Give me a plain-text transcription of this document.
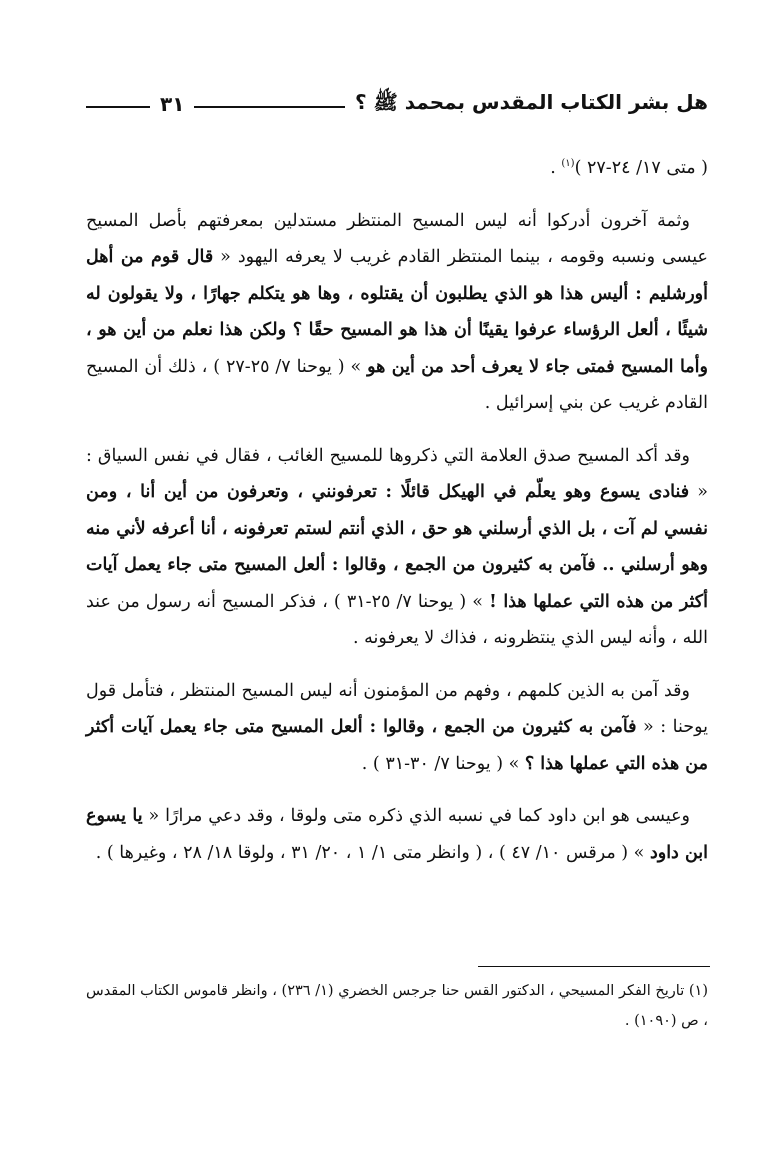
هل بشر الكتاب المقدس بمحمد ﷺ ؟
٣١

( متى ١٧/ ٢٤-٢٧ )$^{(١)}$ .

وثمة آخرون أدركوا أنه ليس المسيح المنتظر مستدلين بمعرفتهم بأصل المسيح عيسى ونسبه وقومه ، بينما المنتظر القادم غريب لا يعرفه اليهود « قال قوم من أهل أورشليم : أليس هذا هو الذي يطلبون أن يقتلوه ، وها هو يتكلم جهارًا ، ولا يقولون له شيئًا ، ألعل الرؤساء عرفوا يقينًا أن هذا هو المسيح حقًا ؟ ولكن هذا نعلم من أين هو ، وأما المسيح فمتى جاء لا يعرف أحد من أين هو » ( يوحنا ٧/ ٢٥-٢٧ ) ، ذلك أن المسيح القادم غريب عن بني إسرائيل .

وقد أكد المسيح صدق العلامة التي ذكروها للمسيح الغائب ، فقال في نفس السياق : « فنادى يسوع وهو يعلّم في الهيكل قائلًا : تعرفونني ، وتعرفون من أين أنا ، ومن نفسي لم آت ، بل الذي أرسلني هو حق ، الذي أنتم لستم تعرفونه ، أنا أعرفه لأني منه وهو أرسلني .. فآمن به كثيرون من الجمع ، وقالوا : ألعل المسيح متى جاء يعمل آيات أكثر من هذه التي عملها هذا ! » ( يوحنا ٧/ ٢٥-٣١ ) ، فذكر المسيح أنه رسول من عند الله ، وأنه ليس الذي ينتظرونه ، فذاك لا يعرفونه .

وقد آمن به الذين كلمهم ، وفهم من المؤمنون أنه ليس المسيح المنتظر ، فتأمل قول يوحنا : « فآمن به كثيرون من الجمع ، وقالوا : ألعل المسيح متى جاء يعمل آيات أكثر من هذه التي عملها هذا ؟ » ( يوحنا ٧/ ٣٠-٣١ ) .

وعيسى هو ابن داود كما في نسبه الذي ذكره متى ولوقا ، وقد دعي مرارًا « يا يسوع ابن داود » ( مرقس ١٠/ ٤٧ ) ، ( وانظر متى ١/ ١ ، ٢٠/ ٣١ ، ولوقا ١٨/ ٢٨ ، وغيرها ) .

(١) تاريخ الفكر المسيحي ، الدكتور القس حنا جرجس الخضري (١/ ٢٣٦) ، وانظر قاموس الكتاب المقدس ، ص (١٠٩٠) .
